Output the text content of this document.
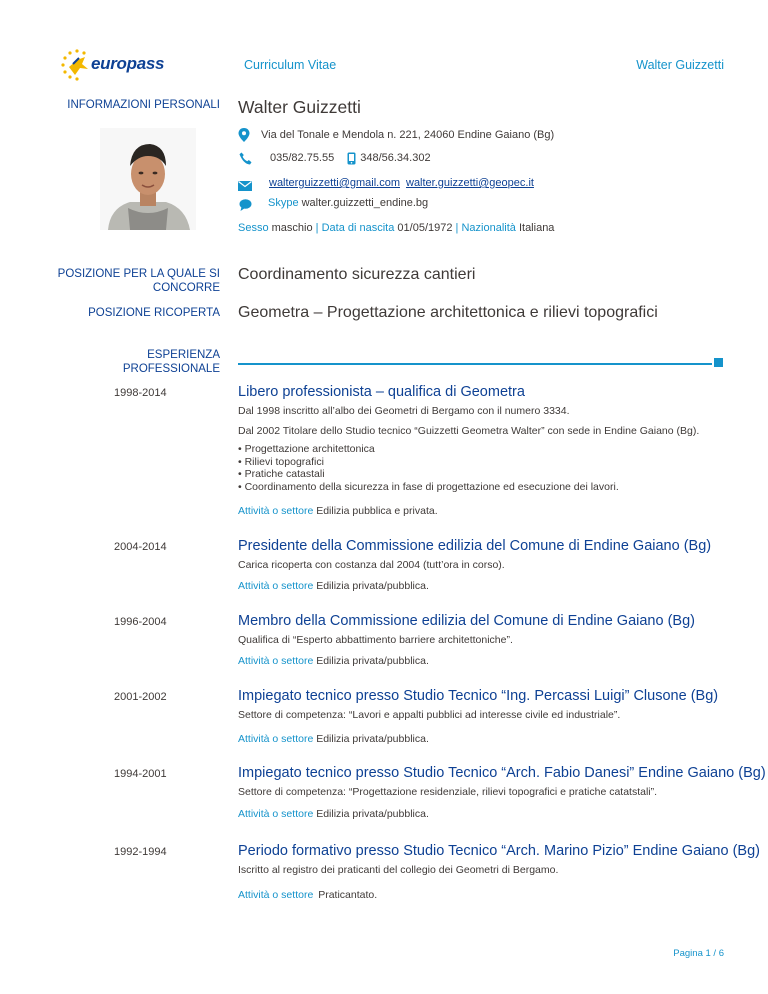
europass	Curriculum Vitae	Walter Guizzetti
INFORMAZIONI PERSONALI Walter Guizzetti
Via del Tonale e Mendola n. 221, 24060 Endine Gaiano (Bg)
035/82.75.55 348/56.34.302
walterguizzetti@gmail.com walter.guizzetti@geopec.it
Skype walter.guizzetti_endine.bg
Sesso maschio | Data di nascita 01/05/1972 | Nazionalità Italiana
POSIZIONE PER LA QUALE SI CONCORRE
Coordinamento sicurezza cantieri
POSIZIONE RICOPERTA Geometra – Progettazione architettonica e rilievi topografici
ESPERIENZA PROFESSIONALE
1998-2014	Libero professionista – qualifica di Geometra
Dal 1998 inscritto all’albo dei Geometri di Bergamo con il numero 3334.
Dal 2002 Titolare dello Studio tecnico “Guizzetti Geometra Walter” con sede in Endine Gaiano (Bg).
• Progettazione architettonica
• Rilievi topografici
• Pratiche catastali
• Coordinamento della sicurezza in fase di progettazione ed esecuzione dei lavori.
Attività o settore Edilizia pubblica e privata.
2004-2014	Presidente della Commissione edilizia del Comune di Endine Gaiano (Bg)
Carica ricoperta con costanza dal 2004 (tutt’ora in corso).
Attività o settore Edilizia privata/pubblica.
1996-2004	Membro della Commissione edilizia del Comune di Endine Gaiano (Bg)
Qualifica di “Esperto abbattimento barriere architettoniche”.
Attività o settore Edilizia privata/pubblica.
2001-2002	Impiegato tecnico presso Studio Tecnico “Ing. Percassi Luigi” Clusone (Bg)
Settore di competenza: “Lavori e appalti pubblici ad interesse civile ed industriale”.
Attività o settore Edilizia privata/pubblica.
1994-2001	Impiegato tecnico presso Studio Tecnico “Arch. Fabio Danesi” Endine Gaiano (Bg)
Settore di competenza: “Progettazione residenziale, rilievi topografici e pratiche catatstali”.
Attività o settore Edilizia privata/pubblica.
1992-1994	Periodo formativo presso Studio Tecnico “Arch. Marino Pizio” Endine Gaiano (Bg)
Iscritto al registro dei praticanti del collegio dei Geometri di Bergamo.
Attività o settore Praticantato.
Pagina 1 / 6
